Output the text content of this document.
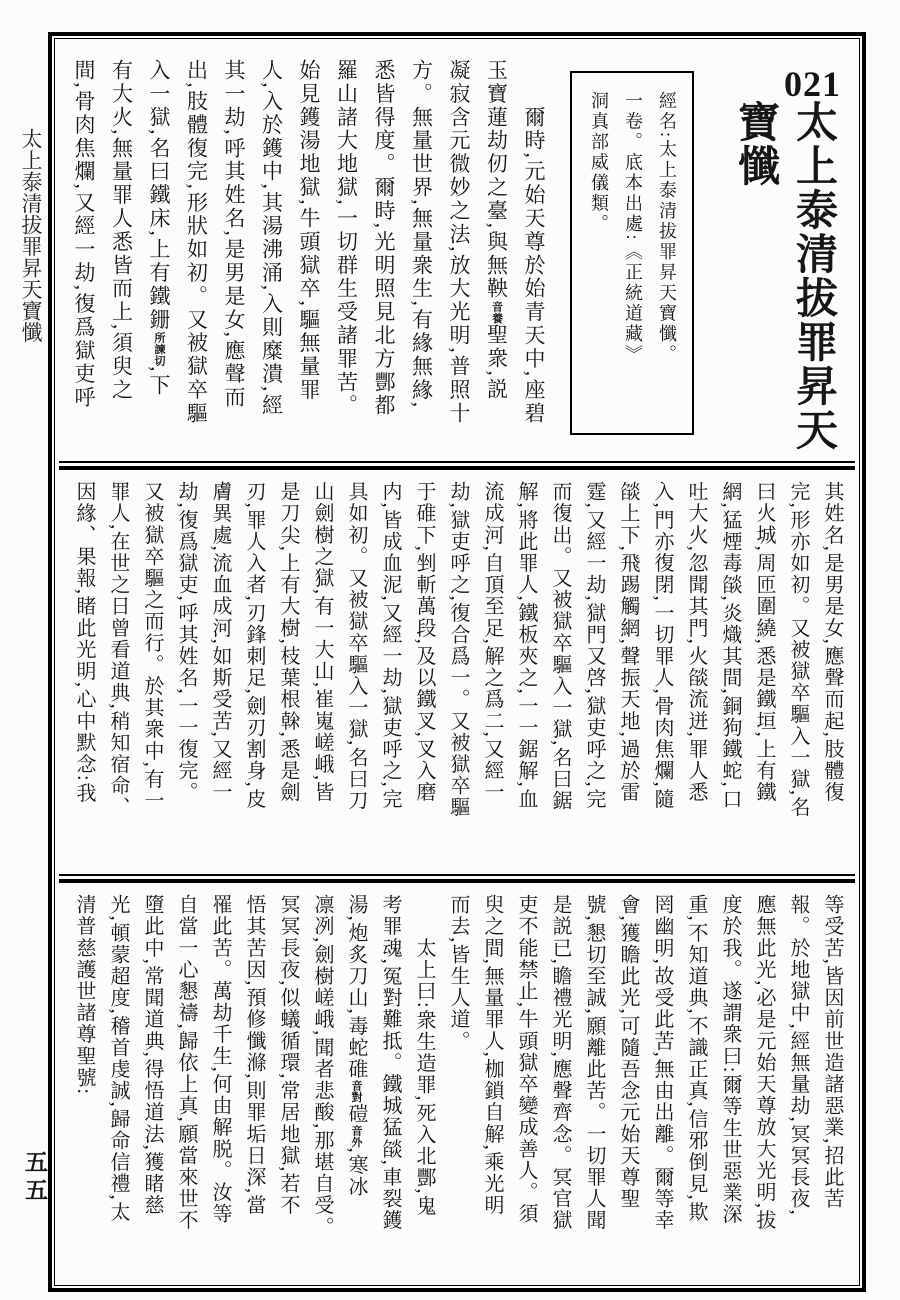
太上泰清拔罪昇天寶懺
五五
021
太上泰清拔罪昇天
寶懺
經名:太上泰清拔罪昇天寶懺。
一卷。底本出處:《正統道藏》
洞真部威儀類。
　　爾時,元始天尊於始青天中,座碧
玉寶蓮劫仞之臺,與無鞅音養聖衆,説
凝寂含元微妙之法,放大光明,普照十
方。無量世界,無量衆生,有緣無緣,
悉皆得度。爾時,光明照見北方酆都
羅山諸大地獄,一切群生受諸罪苦。
始見鑊湯地獄,牛頭獄卒,驅無量罪
人,入於鑊中,其湯沸涌,入則糜潰,經
其一劫,呼其姓名,是男是女,應聲而
出,肢體復完,形狀如初。又被獄卒驅
入一獄,名曰鐵床,上有鐵銏所諫切,下
有大火,無量罪人悉皆而上,須臾之
間,骨肉焦爛,又經一劫,復爲獄吏呼
其姓名,是男是女,應聲而起,肢體復
完,形亦如初。又被獄卒驅入一獄,名
曰火城,周匝圍繞,悉是鐵垣,上有鐵
網,猛煙毒燄,炎熾其間,銅狗鐵蛇,口
吐大火,忽聞其門,火燄流迸,罪人悉
入,門亦復閉,一切罪人,骨肉焦爛,隨
燄上下,飛踢觸網,聲振天地,過於雷
霆,又經一劫,獄門又啓,獄吏呼之,完
而復出。又被獄卒驅入一獄,名曰鋸
解,將此罪人,鐵板夾之,一一鋸解,血
流成河,自頂至足,解之爲二,又經一
劫,獄吏呼之,復合爲一。又被獄卒驅
于碓下,剉斬萬段,及以鐵叉,叉入磨
内,皆成血泥,又經一劫,獄吏呼之,完
具如初。又被獄卒驅入一獄,名曰刀
山劍樹之獄,有一大山,崔嵬嵯峨,皆
是刀尖,上有大樹,枝葉根榦,悉是劍
刃,罪人入者,刃鋒刺足,劍刃割身,皮
膚異處,流血成河,如斯受苦,又經一
劫,復爲獄吏,呼其姓名,一一復完。
又被獄卒驅之而行。於其衆中,有一
罪人,在世之日曾看道典,稍知宿命、
因緣、果報,睹此光明,心中默念:我
等受苦,皆因前世造諸惡業,招此苦
報。於地獄中,經無量劫,冥冥長夜,
應無此光,必是元始天尊放大光明,拔
度於我。遂謂衆曰:爾等生世惡業深
重,不知道典,不識正真,信邪倒見,欺
罔幽明,故受此苦,無由出離。爾等幸
會,獲瞻此光,可隨吾念元始天尊聖
號,懇切至誠,願離此苦。一切罪人聞
是説已,瞻禮光明,應聲齊念。冥官獄
吏不能禁止,牛頭獄卒變成善人。須
臾之間,無量罪人,枷鎖自解,乘光明
而去,皆生人道。
　　太上曰:衆生造罪,死入北酆,鬼
考罪魂,冤對難抵。鐵城猛燄,車裂鑊
湯,炮炙刀山,毒蛇碓音對磑音外,寒冰
凛冽,劍樹嵯峨,聞者悲酸,那堪自受。
冥冥長夜,似蟻循環,常居地獄,若不
悟其苦因,預修懺滌,則罪垢日深,當
罹此苦。萬劫千生,何由解脱。汝等
自當一心懇禱,歸依上真,願當來世不
墮此中,常聞道典,得悟道法,獲睹慈
光,頓蒙超度,稽首虔誠,歸命信禮,太
清普慈護世諸尊聖號:
